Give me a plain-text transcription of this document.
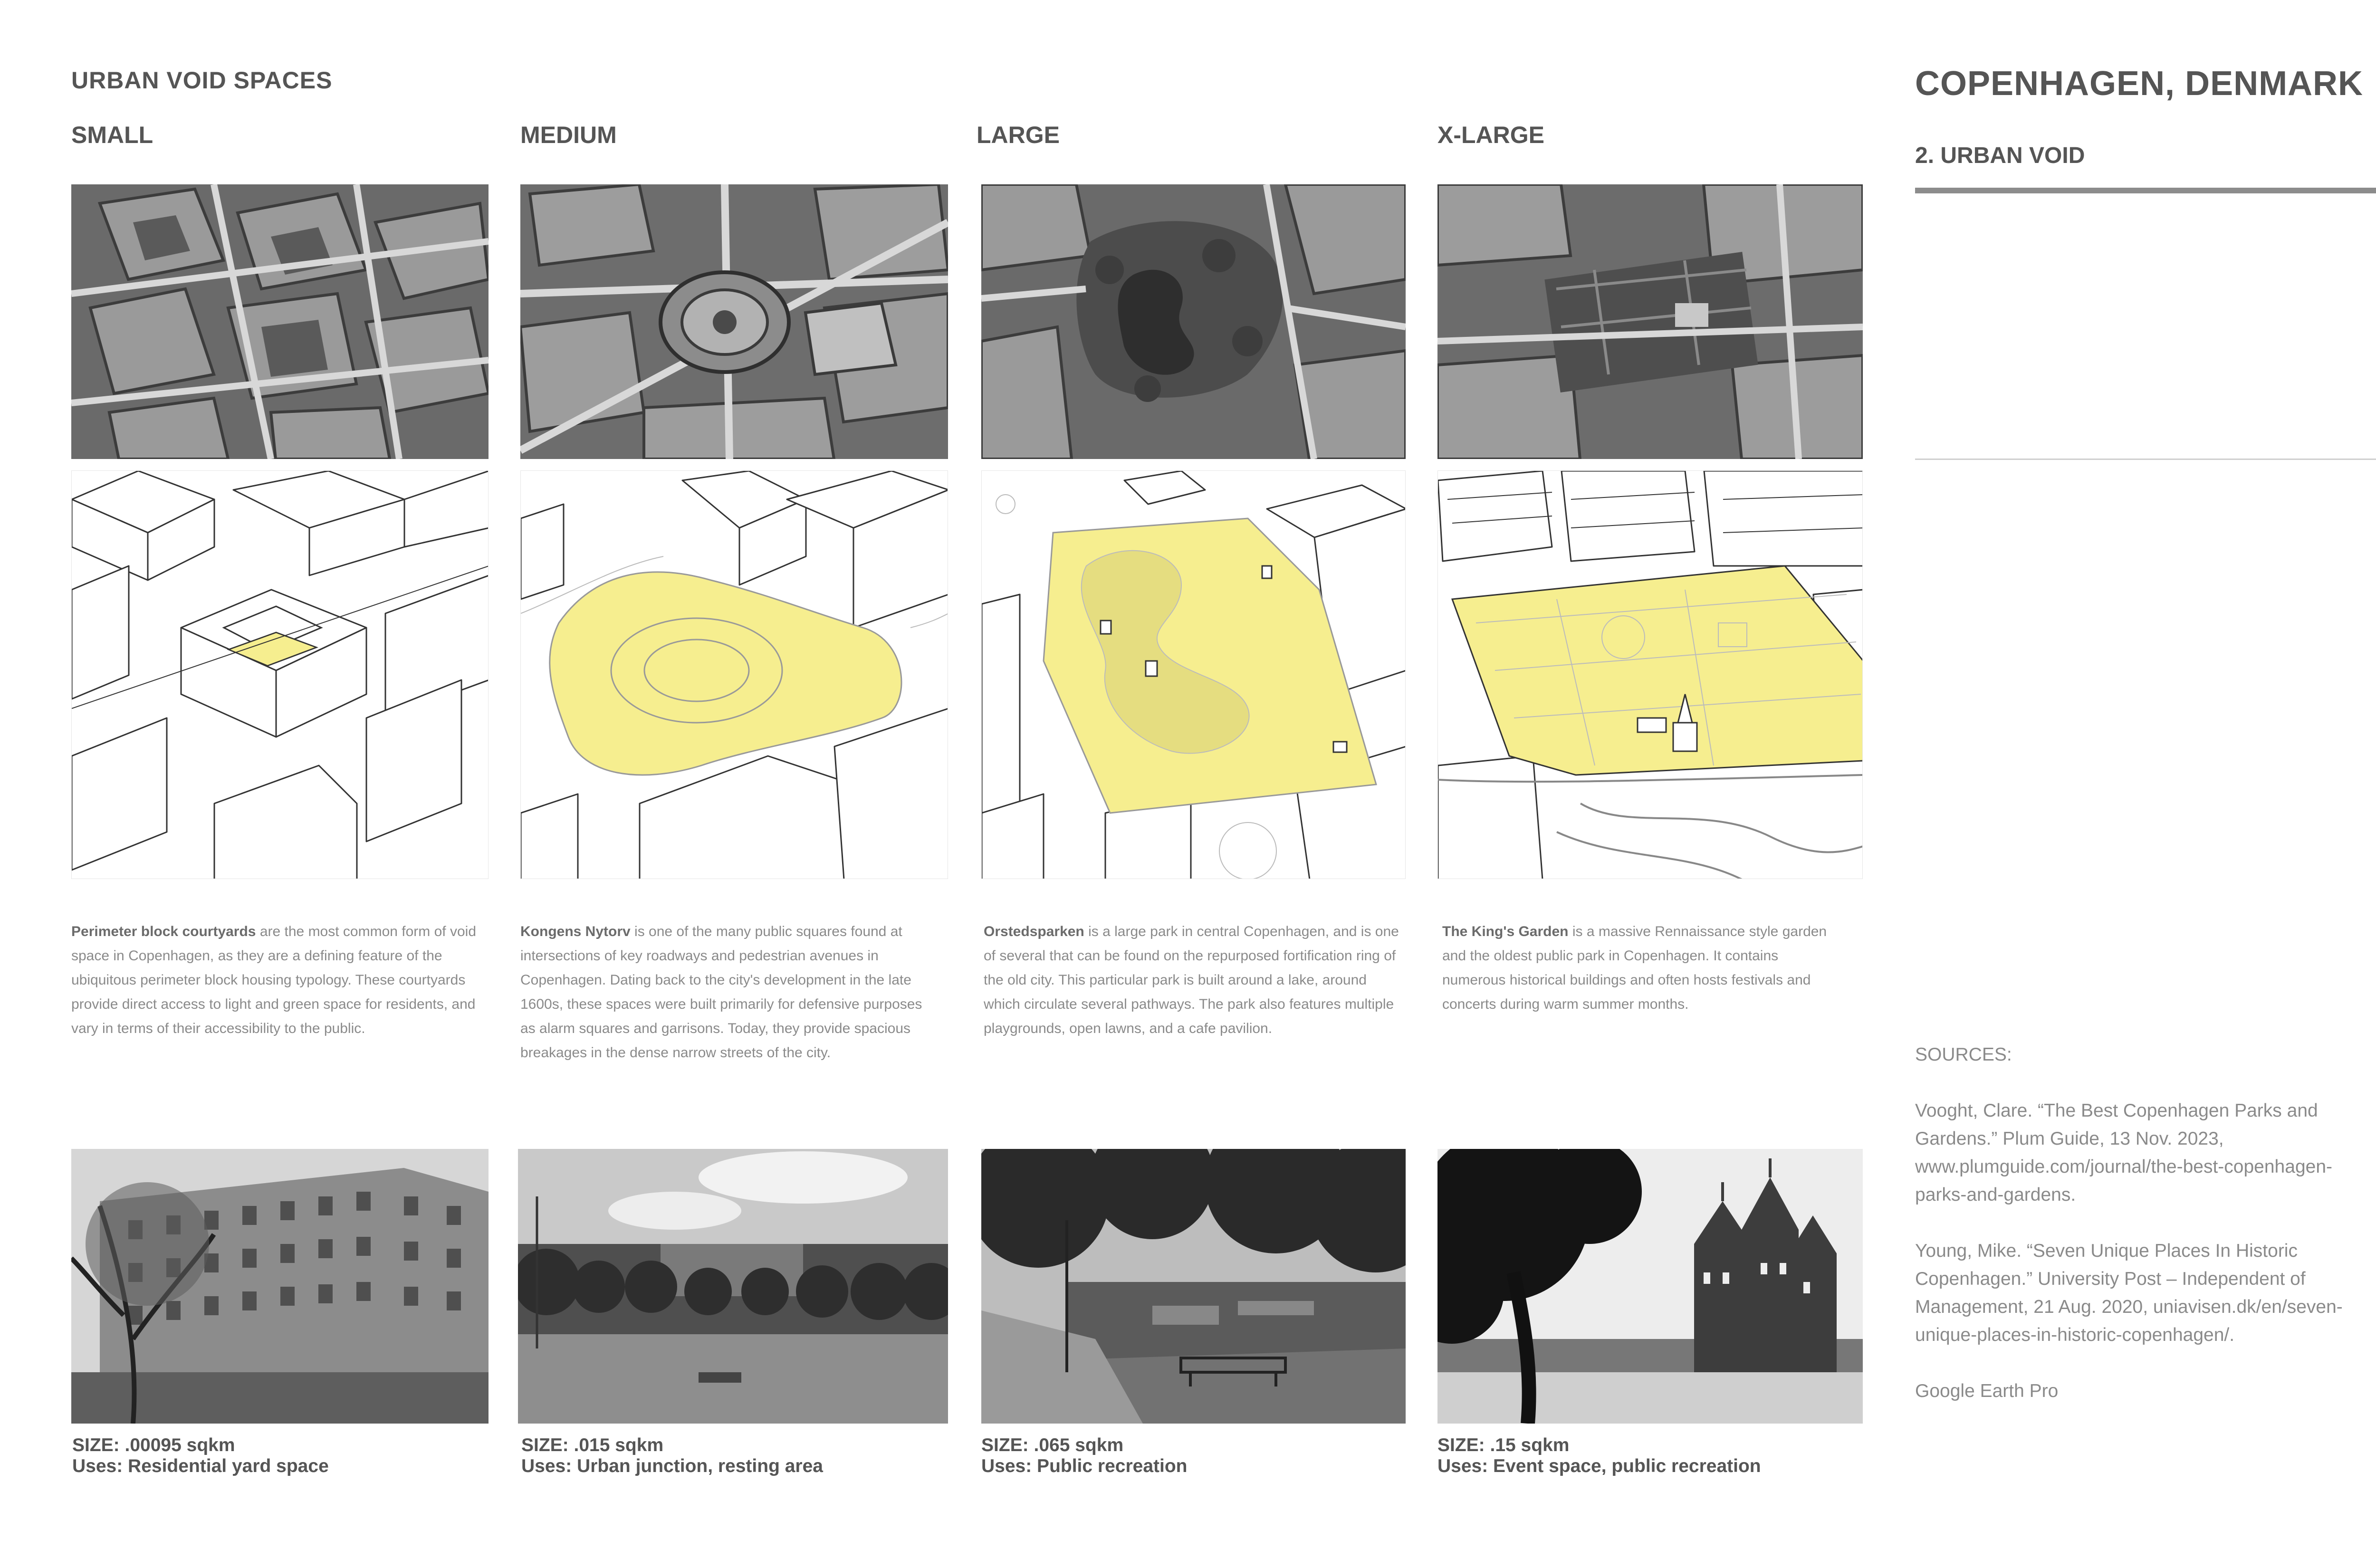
URBAN VOID SPACES
SMALL	MEDIUM	LARGE	X-LARGE
Perimeter block courtyards are the most common form of void space in Copenhagen, as they are a defining feature of the ubiquitous perimeter block housing typology. These courtyards provide direct access to light and green space for residents, and vary in terms of their accessibility to the public.
Kongens Nytorv is one of the many public squares found at intersections of key roadways and pedestrian avenues in Copenhagen. Dating back to the city's development in the late 1600s, these spaces were built primarily for defensive purposes as alarm squares and garrisons. Today, they provide spacious breakages in the dense narrow streets of the city.
Orstedsparken is a large park in central Copenhagen, and is one of several that can be found on the repurposed fortification ring of the old city. This particular park is built around a lake, around which circulate several pathways. The park also features multiple playgrounds, open lawns, and a cafe pavilion.
The King's Garden is a massive Rennaissance style garden and the oldest public park in Copenhagen. It contains numerous historical buildings and often hosts festivals and concerts during warm summer months.
SIZE: .00095 sqkm
Uses: Residential yard space
SIZE: .015 sqkm
Uses: Urban junction, resting area
SIZE: .065 sqkm
Uses: Public recreation
SIZE: .15 sqkm
Uses: Event space, public recreation
COPENHAGEN, DENMARK
2. URBAN VOID

SOURCES:

Vooght, Clare. “The Best Copenhagen Parks and Gardens.” Plum Guide, 13 Nov. 2023, www.plumguide.com/journal/the-best-copenhagen-parks-and-gardens.

Young, Mike. “Seven Unique Places In Historic Copenhagen.” University Post – Independent of Management, 21 Aug. 2020, uniavisen.dk/en/seven-unique-places-in-historic-copenhagen/.

Google Earth Pro
